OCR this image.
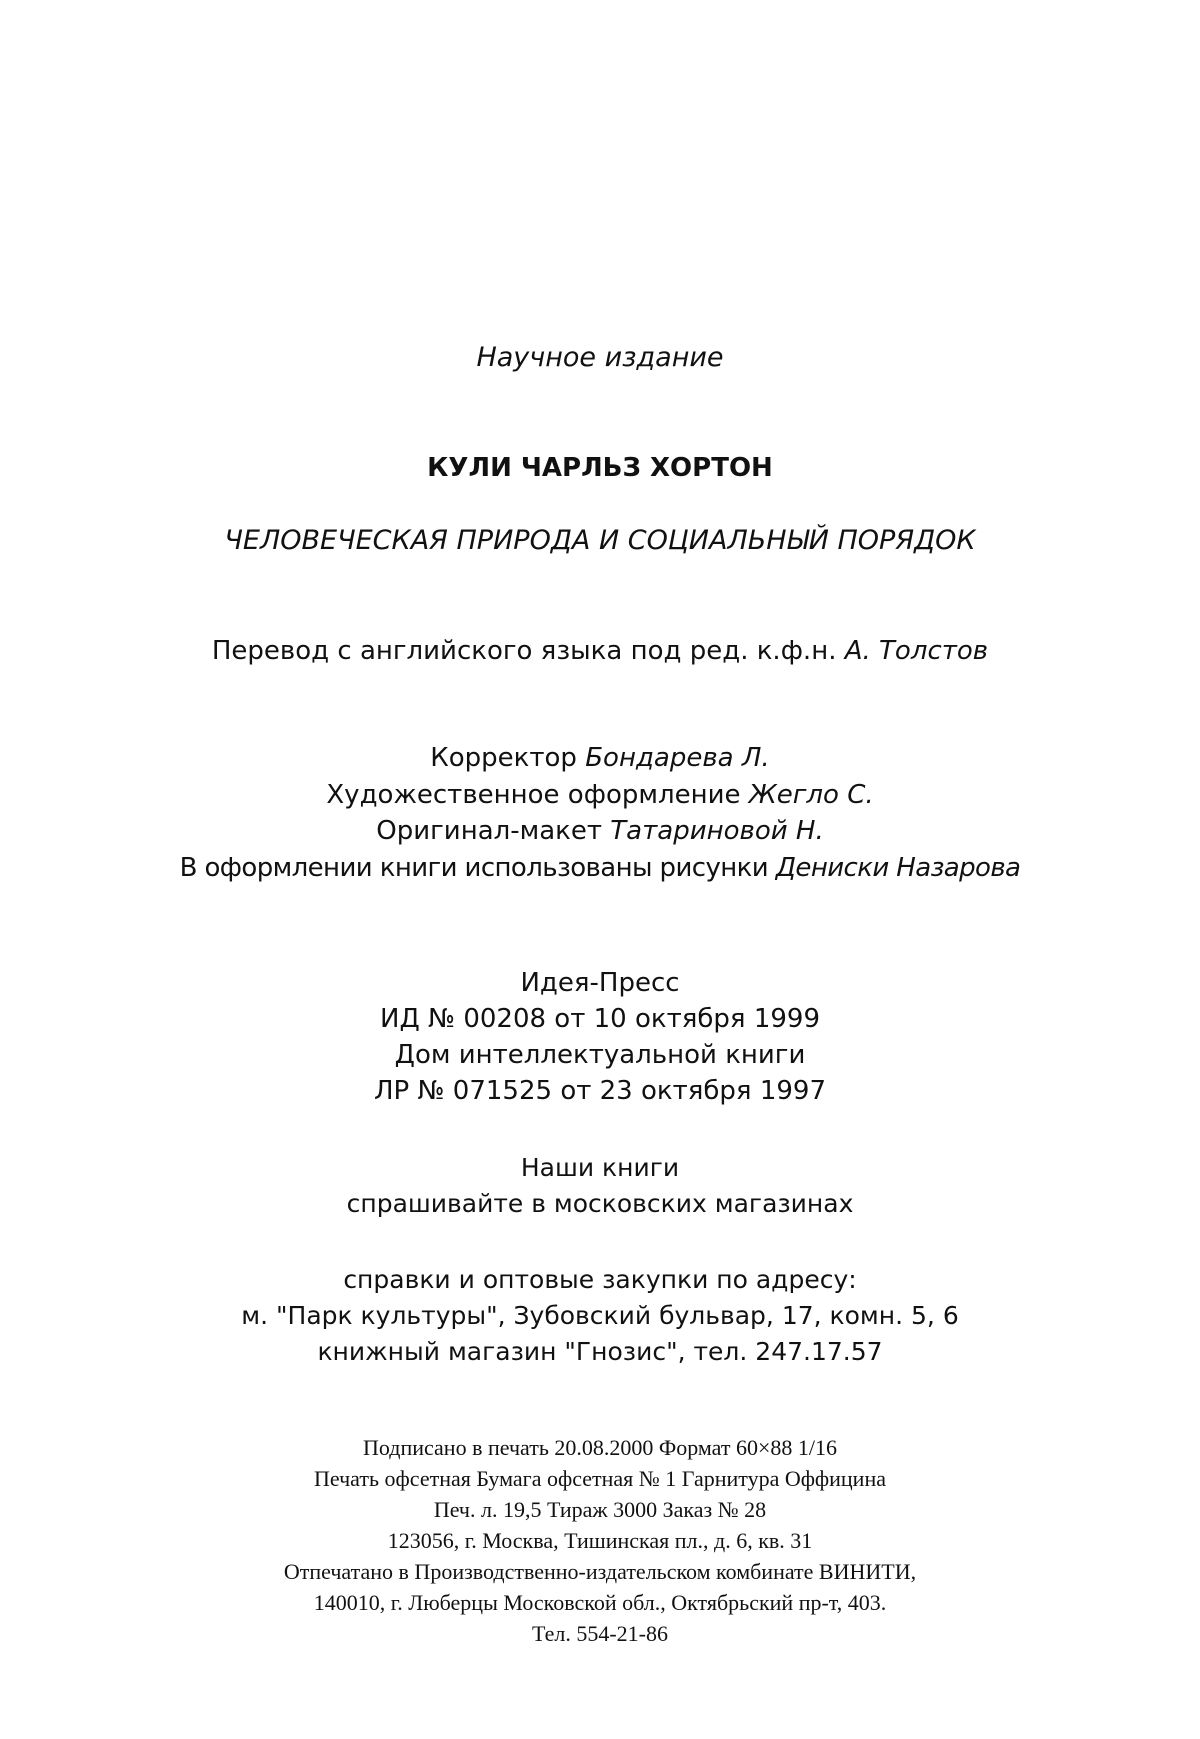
Научное издание
КУЛИ ЧАРЛЬЗ ХОРТОН
ЧЕЛОВЕЧЕСКАЯ ПРИРОДА И СОЦИАЛЬНЫЙ ПОРЯДОК
Перевод с английского языка под ред. к.ф.н. А. Толстов
Корректор Бондарева Л.
Художественное оформление Жегло С.
Оригинал-макет Татариновой Н.
В оформлении книги использованы рисунки Дениски Назарова
Идея-Пресс
ИД № 00208 от 10 октября 1999
Дом интеллектуальной книги
ЛР № 071525 от 23 октября 1997
Наши книги
спрашивайте в московских магазинах
справки и оптовые закупки по адресу:
м. "Парк культуры", Зубовский бульвар, 17, комн. 5, 6
книжный магазин "Гнозис", тел. 247.17.57
Подписано в печать 20.08.2000 Формат 60×88 1/16
Печать офсетная Бумага офсетная № 1 Гарнитура Оффицина
Печ. л. 19,5 Тираж 3000 Заказ № 28
123056, г. Москва, Тишинская пл., д. 6, кв. 31
Отпечатано в Производственно-издательском комбинате ВИНИТИ,
140010, г. Люберцы Московской обл., Октябрьский пр-т, 403.
Тел. 554-21-86
